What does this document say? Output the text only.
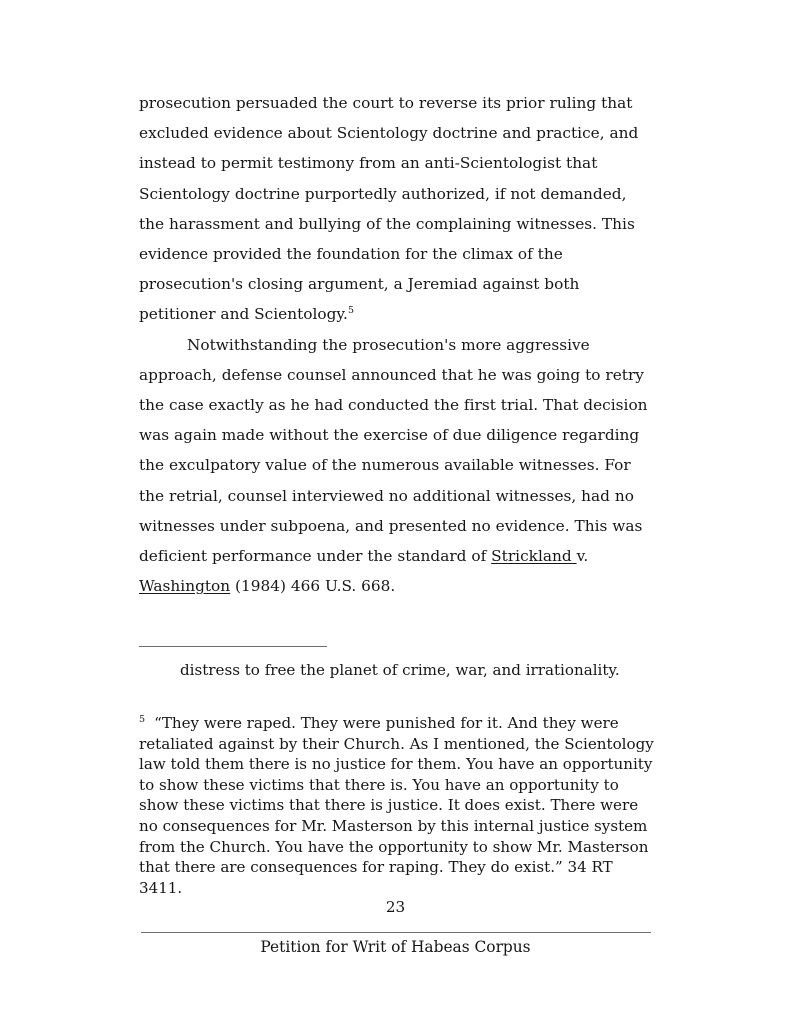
prosecution persuaded the court to reverse its prior ruling that excluded evidence about Scientology doctrine and practice, and instead to permit testimony from an anti-Scientologist that Scientology doctrine purportedly authorized, if not demanded, the harassment and bullying of the complaining witnesses. This evidence provided the foundation for the climax of the prosecution's closing argument, a Jeremiad against both petitioner and Scientology.$^5$

Notwithstanding the prosecution's more aggressive approach, defense counsel announced that he was going to retry the case exactly as he had conducted the first trial. That decision was again made without the exercise of due diligence regarding the exculpatory value of the numerous available witnesses. For the retrial, counsel interviewed no additional witnesses, had no witnesses under subpoena, and presented no evidence. This was deficient performance under the standard of Strickland v. Washington (1984) 466 U.S. 668.

distress to free the planet of crime, war, and irrationality.
$^5$ “They were raped. They were punished for it. And they were retaliated against by their Church. As I mentioned, the Scientology law told them there is no justice for them. You have an opportunity to show these victims that there is. You have an opportunity to show these victims that there is justice. It does exist. There were no consequences for Mr. Masterson by this internal justice system from the Church. You have the opportunity to show Mr. Masterson that there are consequences for raping. They do exist.” 34 RT 3411.
23
Petition for Writ of Habeas Corpus
